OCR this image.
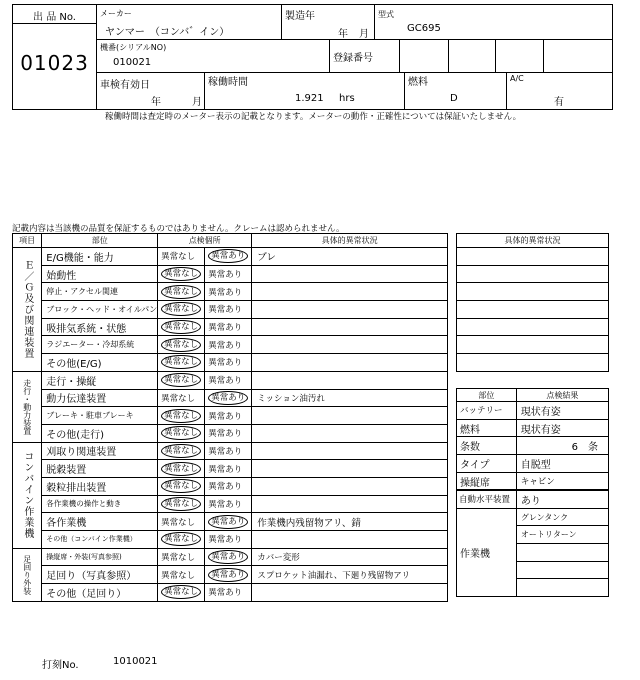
出 品 No.
01023
メーカー
ヤンマー　（コンバ゛イン）
製造年
年 月
型式
GC695
機番(シリアルNO)
010021	登録番号
車検有効日
年	月
稼働時間
1.921 hrs
燃料
D
A/C
有
稼働時間は査定時のメーター表示の記載となります。メーターの動作・正確性については保証いたしません。
記載内容は当該機の品質を保証するものではありません。クレームは認められません。
項目	部位	点検個所		具体的異常状況
Ｅ／Ｇ及び関連装置	E/G機能・能力	異常なし	異常あり	ブレ
	始動性	異常なし	異常あり	
	停止・アクセル関連	異常なし	異常あり	
	ブロック・ヘッド・オイルパン	異常なし	異常あり	
	吸排気系統・状態	異常なし	異常あり	
	ラジエーター・冷却系統	異常なし	異常あり	
	その他(E/G)	異常なし	異常あり	
走行・動力装置	走行・操縦	異常なし	異常あり	
	動力伝達装置	異常なし	異常あり	ミッション油汚れ
	ブレーキ・駐車ブレーキ	異常なし	異常あり	
	その他(走行)	異常なし	異常あり	
コンバイン作業機	刈取り関連装置	異常なし	異常あり	
	脱穀装置	異常なし	異常あり	
	穀粒排出装置	異常なし	異常あり	
	各作業機の操作と動き	異常なし	異常あり	
	各作業機	異常なし	異常あり	作業機内残留物アリ、錆
	その他（コンバイン作業機）	異常なし	異常あり	
足回り外装	操縦席・外装(写真参照)	異常なし	異常あり	カバー変形
	足回り（写真参照）	異常なし	異常あり	スプロケット油漏れ、下廻り残留物アリ
	その他（足回り）	異常なし	異常あり	
具体的異常状況

部位	点検結果
バッテリー	現状有姿
燃料	現状有姿
条数	6　条
タイプ	自脱型
操縦席	キャビン
自動水平装置	あり
作業機	グレンタンク
	オートリターン

打刻No.	1010021
